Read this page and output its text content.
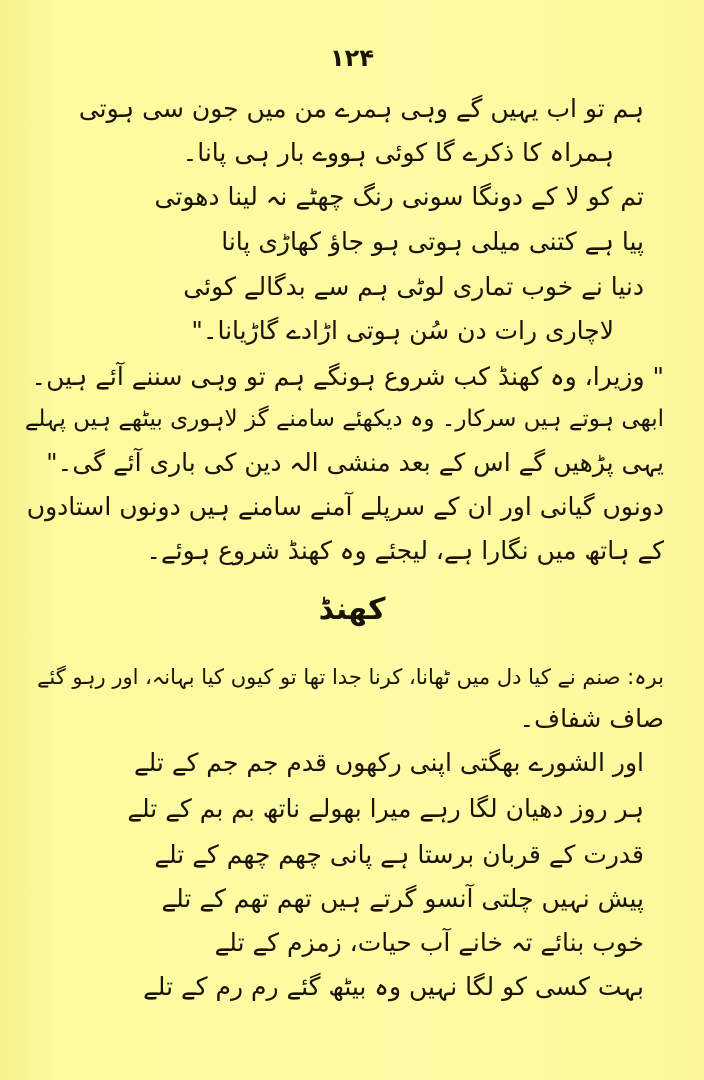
۱۲۴
ہم تو اب یہیں گے وہی ہمرے من میں جون سی ہوتی
ہمراہ کا ذکرے گا کوئی ہووے بار ہی پانا۔
تم کو لا کے دونگا سونی رنگ چھٹے نہ لینا دھوتی
پیا ہے کتنی میلی ہوتی ہو جاؤ کھاڑی پانا
دنیا نے خوب تماری لوٹی ہم سے بدگالے کوئی
لاچاری رات دن سُن ہوتی اڑادے گاڑیانا۔"
" وزیرا، وہ کھنڈ کب شروع ہونگے ہم تو وہی سننے آئے ہیں۔
ابھی ہوتے ہیں سرکار۔ وہ دیکھئے سامنے گز لاہوری بیٹھے ہیں پہلے
یہی پڑھیں گے اس کے بعد منشی الہ دین کی باری آئے گی۔"
دونوں گیانی اور ان کے سرپلے آمنے سامنے ہیں دونوں استادوں
کے ہاتھ میں نگارا ہے، لیجئے وہ کھنڈ شروع ہوئے۔
کھنڈ
برہ: صنم نے کیا دل میں ٹھانا، کرنا جدا تھا تو کیوں کیا بہانہ، اور رہو گئے
صاف شفاف۔
اور الشورے بھگتی اپنی رکھوں قدم جم جم کے تلے
ہر روز دھیان لگا رہے میرا بھولے ناتھ بم بم کے تلے
قدرت کے قربان برستا ہے پانی چھم چھم کے تلے
پیش نہیں چلتی آنسو گرتے ہیں تھم تھم کے تلے
خوب بنائے تہ خانے آب حیات، زمزم کے تلے
بہت کسی کو لگا نہیں وہ بیٹھ گئے رم رم کے تلے
